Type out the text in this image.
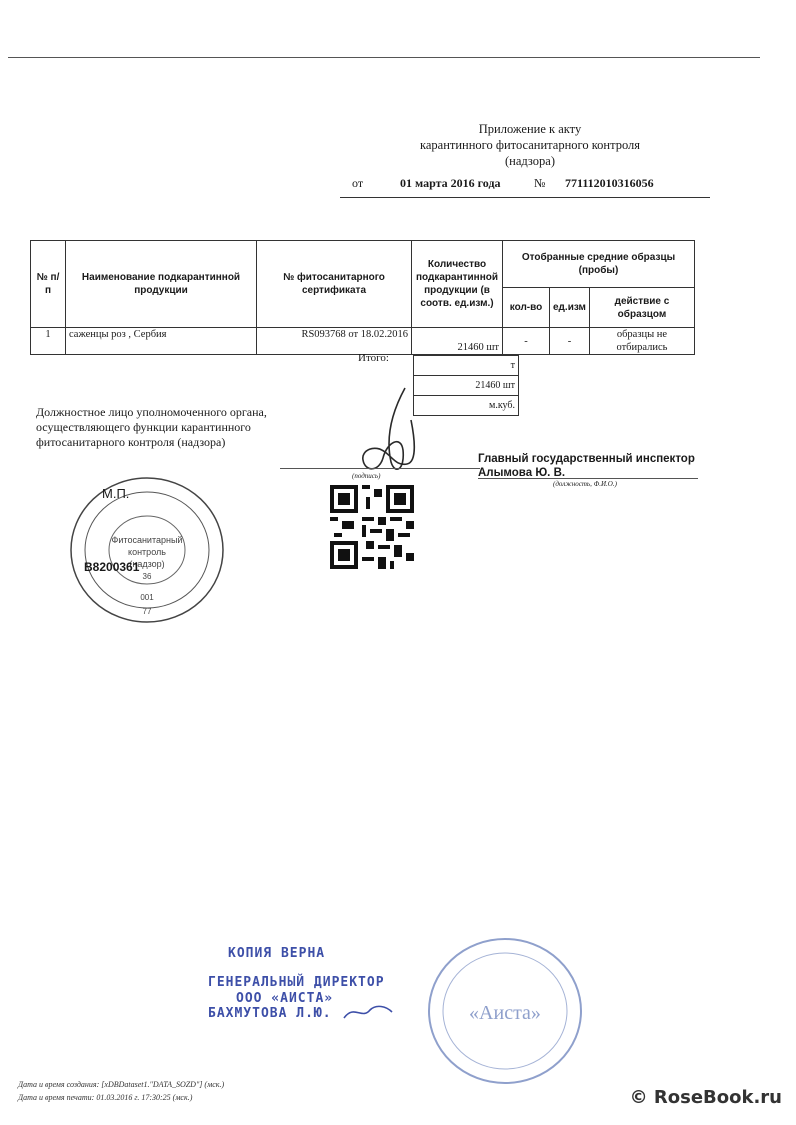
Приложение к акту
карантинного фитосанитарного контроля
(надзора)
от	01 марта 2016 года	№ 771112010316056
№ п/п	Наименование подкарантинной продукции	№ фитосанитарного сертификата	Количество подкарантинной продукции (в соотв. ед.изм.)	Отобранные средние образцы (пробы)		
				кол-во	ед.изм	действие с образцом
1	саженцы роз , Сербия	RS093768 от 18.02.2016	21460 шт	-	-	образцы не отбирались
Итого:
т
21460 шт
м.куб.
Должностное лицо уполномоченного органа, осуществляющего функции карантинного фитосанитарного контроля (надзора)
(подпись)
Главный государственный инспектор
Алымова Ю. В.
(должность, Ф.И.О.)
Фитосанитарный
контроль
(надзор)
36
001
77
М.П.
В8200361
КОПИЯ ВЕРНА
ГЕНЕРАЛЬНЫЙ ДИРЕКТОР
ООО «АИСТА»
БАХМУТОВА Л.Ю.	«Аиста»
Дата и время создания: [xDBDataset1."DATA_SOZD"] (мск.)
Дата и время печати: 01.03.2016 г. 17:30:25 (мск.)	© RoseBook.ru
